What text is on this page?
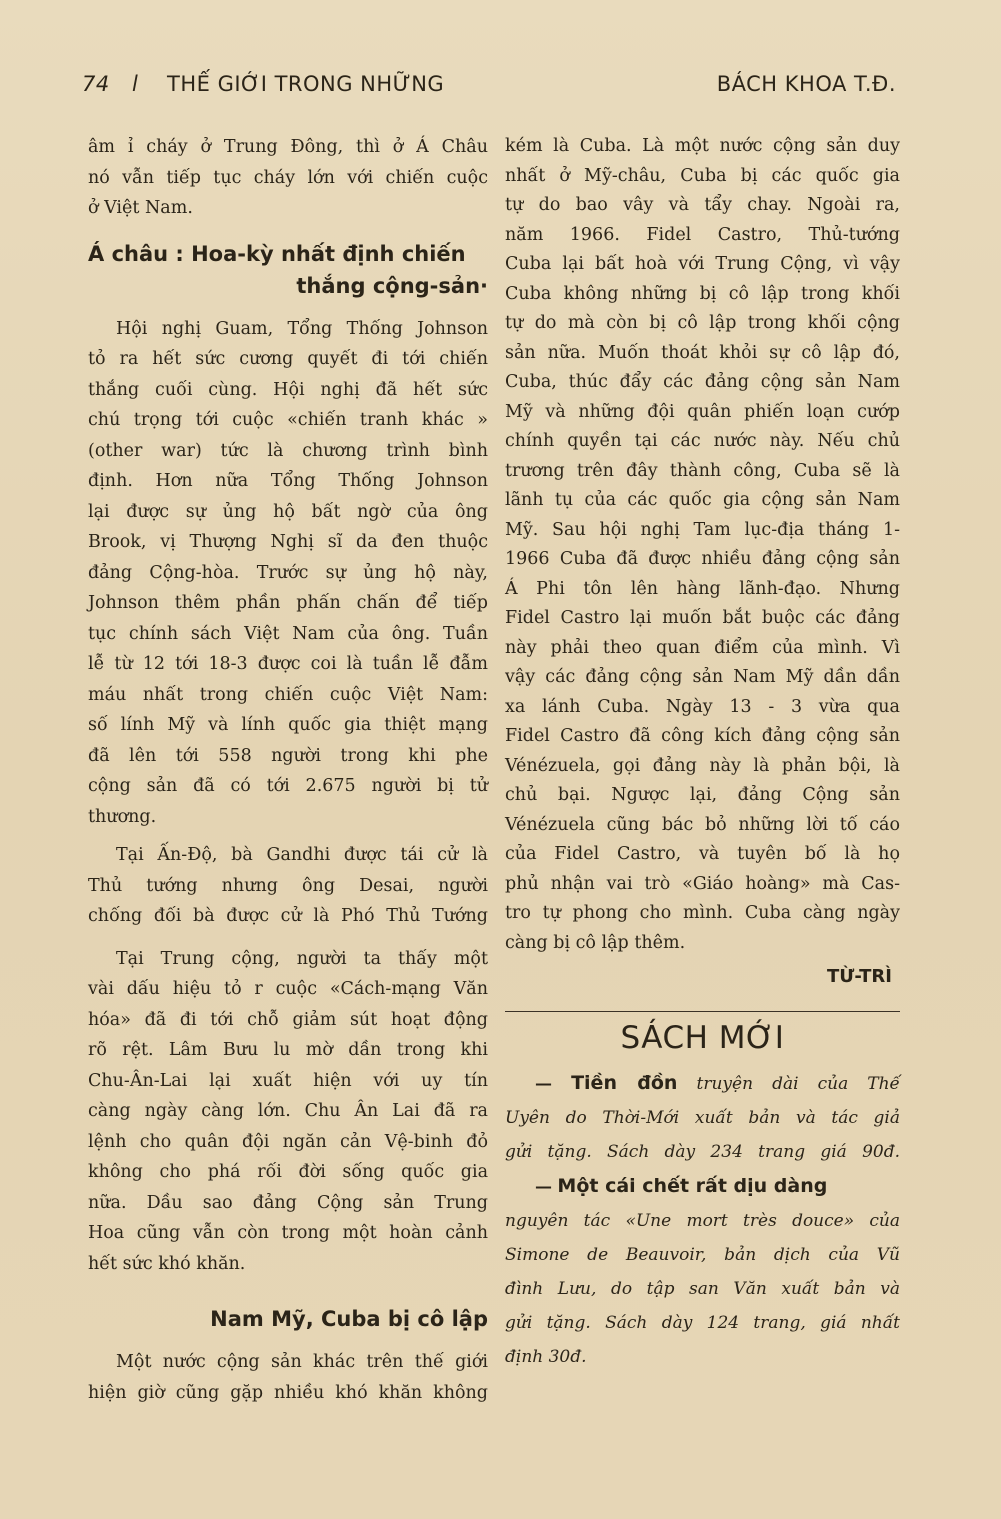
74 l THẾ GIỚI TRONG NHỮNG	BÁCH KHOA T.Đ.
âm ỉ cháy ở Trung Đông, thì ở Á Châu
nó vẫn tiếp tục cháy lớn với chiến cuộc
ở Việt Nam.
Á châu : Hoa-kỳ nhất định chiến
thắng cộng-sản·
Hội nghị Guam, Tổng Thống Johnson
tỏ ra hết sức cương quyết đi tới chiến
thắng cuối cùng. Hội nghị đã hết sức
chú trọng tới cuộc «chiến tranh khác »
(other war) tức là chương trình bình
định. Hơn nữa Tổng Thống Johnson
lại được sự ủng hộ bất ngờ của ông
Brook, vị Thượng Nghị sĩ da đen thuộc
đảng Cộng-hòa. Trước sự ủng hộ này,
Johnson thêm phần phấn chấn để tiếp
tục chính sách Việt Nam của ông. Tuần
lễ từ 12 tới 18-3 được coi là tuần lễ đẫm
máu nhất trong chiến cuộc Việt Nam:
số lính Mỹ và lính quốc gia thiệt mạng
đã lên tới 558 người trong khi phe
cộng sản đã có tới 2.675 người bị tử
thương.
Tại Ấn-Độ, bà Gandhi được tái cử là
Thủ tướng nhưng ông Desai, người
chống đối bà được cử là Phó Thủ Tướng
Tại Trung cộng, người ta thấy một
vài dấu hiệu tỏ r cuộc «Cách-mạng Văn
hóa» đã đi tới chỗ giảm sút hoạt động
rõ rệt. Lâm Bưu lu mờ dần trong khi
Chu-Ân-Lai lại xuất hiện với uy tín
càng ngày càng lớn. Chu Ân Lai đã ra
lệnh cho quân đội ngăn cản Vệ-binh đỏ
không cho phá rối đời sống quốc gia
nữa. Dầu sao đảng Cộng sản Trung
Hoa cũng vẫn còn trong một hoàn cảnh
hết sức khó khăn.
Nam Mỹ, Cuba bị cô lập
Một nước cộng sản khác trên thế giới
hiện giờ cũng gặp nhiều khó khăn không
kém là Cuba. Là một nước cộng sản duy
nhất ở Mỹ-châu, Cuba bị các quốc gia
tự do bao vây và tẩy chay. Ngoài ra,
năm 1966. Fidel Castro, Thủ-tướng
Cuba lại bất hoà với Trung Cộng, vì vậy
Cuba không những bị cô lập trong khối
tự do mà còn bị cô lập trong khối cộng
sản nữa. Muốn thoát khỏi sự cô lập đó,
Cuba, thúc đẩy các đảng cộng sản Nam
Mỹ và những đội quân phiến loạn cướp
chính quyền tại các nước này. Nếu chủ
trương trên đây thành công, Cuba sẽ là
lãnh tụ của các quốc gia cộng sản Nam
Mỹ. Sau hội nghị Tam lục-địa tháng 1-
1966 Cuba đã được nhiều đảng cộng sản
Á Phi tôn lên hàng lãnh-đạo. Nhưng
Fidel Castro lại muốn bắt buộc các đảng
này phải theo quan điểm của mình. Vì
vậy các đảng cộng sản Nam Mỹ dần dần
xa lánh Cuba. Ngày 13 - 3 vừa qua
Fidel Castro đã công kích đảng cộng sản
Vénézuela, gọi đảng này là phản bội, là
chủ bại. Ngược lại, đảng Cộng sản
Vénézuela cũng bác bỏ những lời tố cáo
của Fidel Castro, và tuyên bố là họ
phủ nhận vai trò «Giáo hoàng» mà Cas-
tro tự phong cho mình. Cuba càng ngày
càng bị cô lập thêm.
TỪ-TRÌ
SÁCH MỚI
— Tiền đồn truyện dài của Thế
Uyên do Thời-Mới xuất bản và tác giả
gửi tặng. Sách dày 234 trang giá 90đ.
— Một cái chết rất dịu dàng
nguyên tác «Une mort très douce» của
Simone de Beauvoir, bản dịch của Vũ
đình Lưu, do tập san Văn xuất bản và
gửi tặng. Sách dày 124 trang, giá nhất
định 30đ.
